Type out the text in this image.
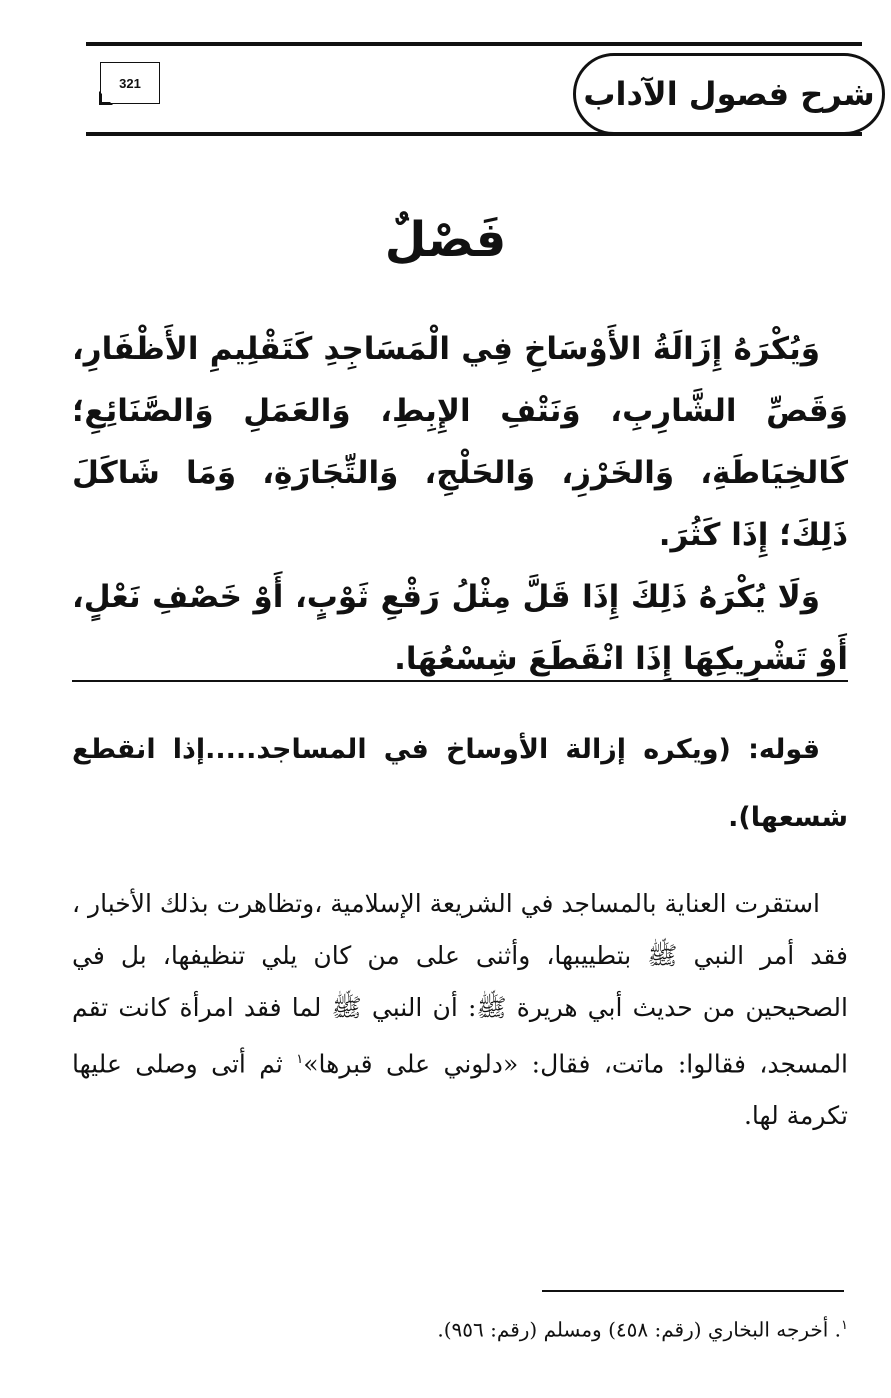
شرح فصول الآداب
321
فَصْلٌ

وَيُكْرَهُ إِزَالَةُ الأَوْسَاخِ فِي الْمَسَاجِدِ كَتَقْلِيمِ الأَظْفَارِ، وَقَصِّ الشَّارِبِ، وَنَتْفِ الإِبِطِ، وَالعَمَلِ وَالصَّنَائِعِ؛ كَالخِيَاطَةِ، وَالخَرْزِ، وَالحَلْجِ، وَالتِّجَارَةِ، وَمَا شَاكَلَ ذَلِكَ؛ إِذَا كَثُرَ.

وَلَا يُكْرَهُ ذَلِكَ إِذَا قَلَّ مِثْلُ رَقْعِ ثَوْبٍ، أَوْ خَصْفِ نَعْلٍ، أَوْ تَشْرِيكِهَا إِذَا انْقَطَعَ شِسْعُهَا.

قوله: (ويكره إزالة الأوساخ في المساجد.....إذا انقطع شسعها).

استقرت العناية بالمساجد في الشريعة الإسلامية ،وتظاهرت بذلك الأخبار ، فقد أمر النبي ﷺ بتطييبها، وأثنى على من كان يلي تنظيفها، بل في الصحيحين من حديث أبي هريرة ﷺ: أن النبي ﷺ لما فقد امرأة كانت تقم المسجد، فقالوا: ماتت، فقال: «دلوني على قبرها»$^١$ ثم أتى وصلى عليها تكرمة لها.

$^١$. أخرجه البخاري (رقم: ٤٥٨) ومسلم (رقم: ٩٥٦).
